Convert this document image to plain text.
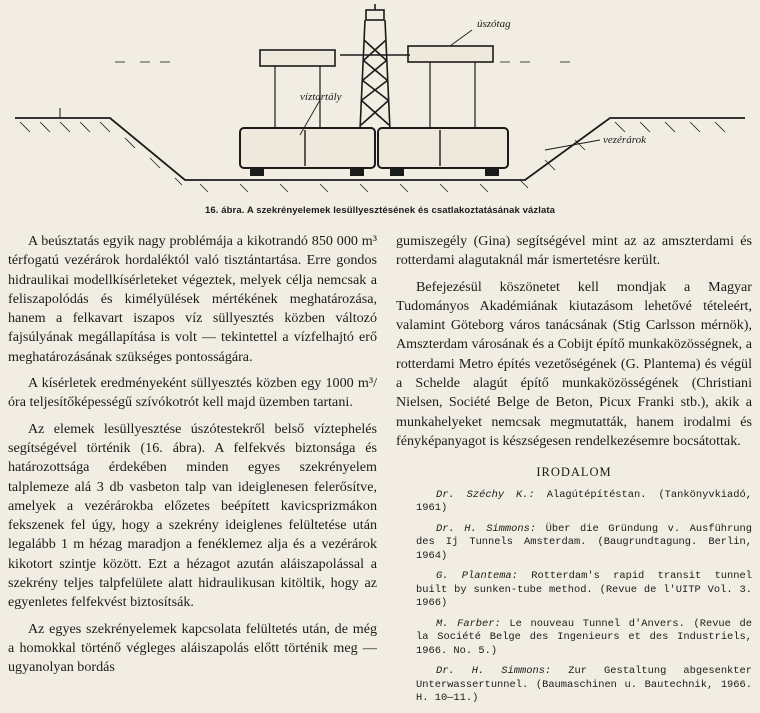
úszótag
víztartály
vezérárok
16. ábra. A szekrényelemek lesüllyesztésének és csatlakoztatásának vázlata

A beúsztatás egyik nagy problémája a kikotrandó 850 000 m³ térfogatú vezérárok hordaléktól való tisztántartása. Erre gondos hidraulikai modellkísérleteket végeztek, melyek célja nemcsak a feliszapolódás és kimélyülések mértékének meghatározása, hanem a felkavart iszapos víz süllyesztés közben változó fajsúlyának megállapítása is volt — tekintettel a vízfelhajtó erő meghatározásának szükséges pontosságára.

A kísérletek eredményeként süllyesztés közben egy 1000 m³/óra teljesítőképességű szívókotrót kell majd üzemben tartani.

Az elemek lesüllyesztése úszótestekről belső víztерhelés segítségével történik (16. ábra). A felfekvés biztonsága és határozottsága érdekében minden egyes szekrényelem talplemeze alá 3 db vasbeton talp van ideiglenesen felerősítve, amelyek a vezérárokba előzetes beépített kavicsprizmákon fekszenek fel úgy, hogy a szekrény ideiglenes felültetése után legalább 1 m hézag maradjon a fenéklemez alja és a vezérárok kikotort szintje között. Ezt a hézagot azután aláiszapolással a szekrény teljes talpfelülete alatt hidraulikusan kitöltik, hogy az egyenletes felfekvést biztosítsák.

Az egyes szekrényelemek kapcsolata felültetés után, de még a homokkal történő végleges aláiszapolás előtt történik meg — ugyanolyan bordás

gumiszegély (Gina) segítségével mint az az amszterdami és rotterdami alagutaknál már ismertetésre került.

Befejezésül köszönetet kell mondjak a Magyar Tudományos Akadémiának kiutazásom lehetővé tételeért, valamint Göteborg város tanácsának (Stig Carlsson mérnök), Amszterdam városának és a Cobijt építő munkaközösségnek, a rotterdami Metro építés vezetőségének (G. Plantema) és végül a Schelde alagút építő munkaközösségének (Christiani Nielsen, Société Belge de Beton, Picux Franki stb.), akik a munkahelyeket nemcsak megmutatták, hanem irodalmi és fényképanyagot is készségesen rendelkezésemre bocsátottak.

IRODALOM

Dr. Széchy K.: Alagútépítéstan. (Tankönyvkiadó, 1961)

Dr. H. Simmons: Über die Gründung v. Ausführung des Ij Tunnels Amsterdam. (Baugrundtagung. Berlin, 1964)

G. Plantema: Rotterdam's rapid transit tunnel built by sunken-tube method. (Revue de l'UITP Vol. 3. 1966)

M. Farber: Le nouveau Tunnel d'Anvers. (Revue de la Société Belge des Ingenieurs et des Industriels, 1966. No. 5.)

Dr. H. Simmons: Zur Gestaltung abgesenkter Unterwassertunnel. (Baumaschinen u. Bautechnik, 1966. H. 10—11.)
